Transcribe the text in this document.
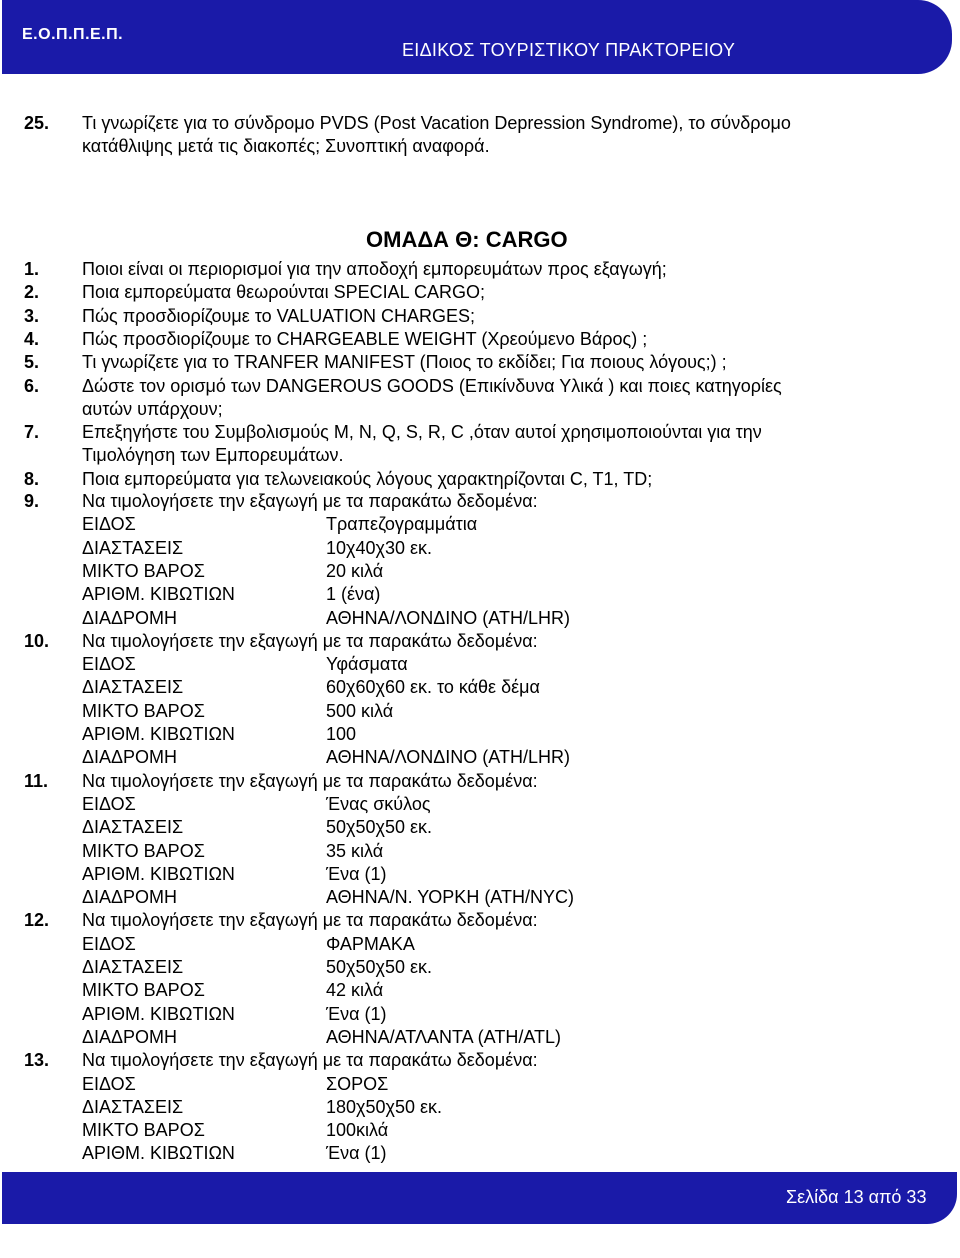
Ε.Ο.Π.Π.Ε.Π.
ΕΙΔΙΚΟΣ ΤΟΥΡΙΣΤΙΚΟΥ ΠΡΑΚΤΟΡΕΙΟΥ
25. Τι γνωρίζετε για το σύνδρομο PVDS (Post Vacation Depression Syndrome), το σύνδρομο
κατάθλιψης μετά τις διακοπές; Συνοπτική αναφορά.
ΟΜΑΔΑ Θ: CARGO
1. Ποιοι είναι οι περιορισμοί για την αποδοχή εμπορευμάτων προς εξαγωγή;
2. Ποια εμπορεύματα θεωρούνται SPECIAL CARGO;
3. Πώς προσδιορίζουμε το VALUATION CHARGES;
4. Πώς προσδιορίζουμε το CHARGEABLE WEIGHT (Χρεούμενο Βάρος) ;
5. Τι γνωρίζετε για το TRANFER MANIFEST (Ποιος το εκδίδει; Για ποιους λόγους;) ;
6. Δώστε τον ορισμό των DANGEROUS GOODS (Επικίνδυνα Υλικά ) και ποιες κατηγορίες
αυτών υπάρχουν;
7. Επεξηγήστε του Συμβολισμούς M, N, Q, S, R, C ,όταν αυτοί χρησιμοποιούνται για την
Τιμολόγηση των Εμπορευμάτων.
8. Ποια εμπορεύματα για τελωνειακούς λόγους χαρακτηρίζονται C, T1, TD;
9. Να τιμολογήσετε την εξαγωγή με τα παρακάτω δεδομένα:
ΕΙΔΟΣ	Τραπεζογραμμάτια
ΔΙΑΣΤΑΣΕΙΣ	10χ40χ30 εκ.
ΜΙΚΤΟ ΒΑΡΟΣ	20 κιλά
ΑΡΙΘΜ. ΚΙΒΩΤΙΩΝ	1 (ένα)
ΔΙΑΔΡΟΜΗ	ΑΘΗΝΑ/ΛΟΝΔΙΝΟ (ATH/LHR)
10. Να τιμολογήσετε την εξαγωγή με τα παρακάτω δεδομένα:
ΕΙΔΟΣ	Υφάσματα
ΔΙΑΣΤΑΣΕΙΣ	60χ60χ60 εκ. το κάθε δέμα
ΜΙΚΤΟ ΒΑΡΟΣ	500 κιλά
ΑΡΙΘΜ. ΚΙΒΩΤΙΩΝ	100
ΔΙΑΔΡΟΜΗ	ΑΘΗΝΑ/ΛΟΝΔΙΝΟ (ATH/LHR)
11. Να τιμολογήσετε την εξαγωγή με τα παρακάτω δεδομένα:
ΕΙΔΟΣ	Ένας σκύλος
ΔΙΑΣΤΑΣΕΙΣ	50χ50χ50 εκ.
ΜΙΚΤΟ ΒΑΡΟΣ	35 κιλά
ΑΡΙΘΜ. ΚΙΒΩΤΙΩΝ	Ένα (1)
ΔΙΑΔΡΟΜΗ	ΑΘΗΝΑ/Ν. ΥΟΡΚΗ (ATH/NYC)
12. Να τιμολογήσετε την εξαγωγή με τα παρακάτω δεδομένα:
ΕΙΔΟΣ	ΦΑΡΜΑΚΑ
ΔΙΑΣΤΑΣΕΙΣ	50χ50χ50 εκ.
ΜΙΚΤΟ ΒΑΡΟΣ	42 κιλά
ΑΡΙΘΜ. ΚΙΒΩΤΙΩΝ	Ένα (1)
ΔΙΑΔΡΟΜΗ	ΑΘΗΝΑ/ΑΤΛΑΝΤΑ (ATH/ATL)
13. Να τιμολογήσετε την εξαγωγή με τα παρακάτω δεδομένα:
ΕΙΔΟΣ	ΣΟΡΟΣ
ΔΙΑΣΤΑΣΕΙΣ	180χ50χ50 εκ.
ΜΙΚΤΟ ΒΑΡΟΣ	100κιλά
ΑΡΙΘΜ. ΚΙΒΩΤΙΩΝ	Ένα (1)
Σελίδα 13 από 33
